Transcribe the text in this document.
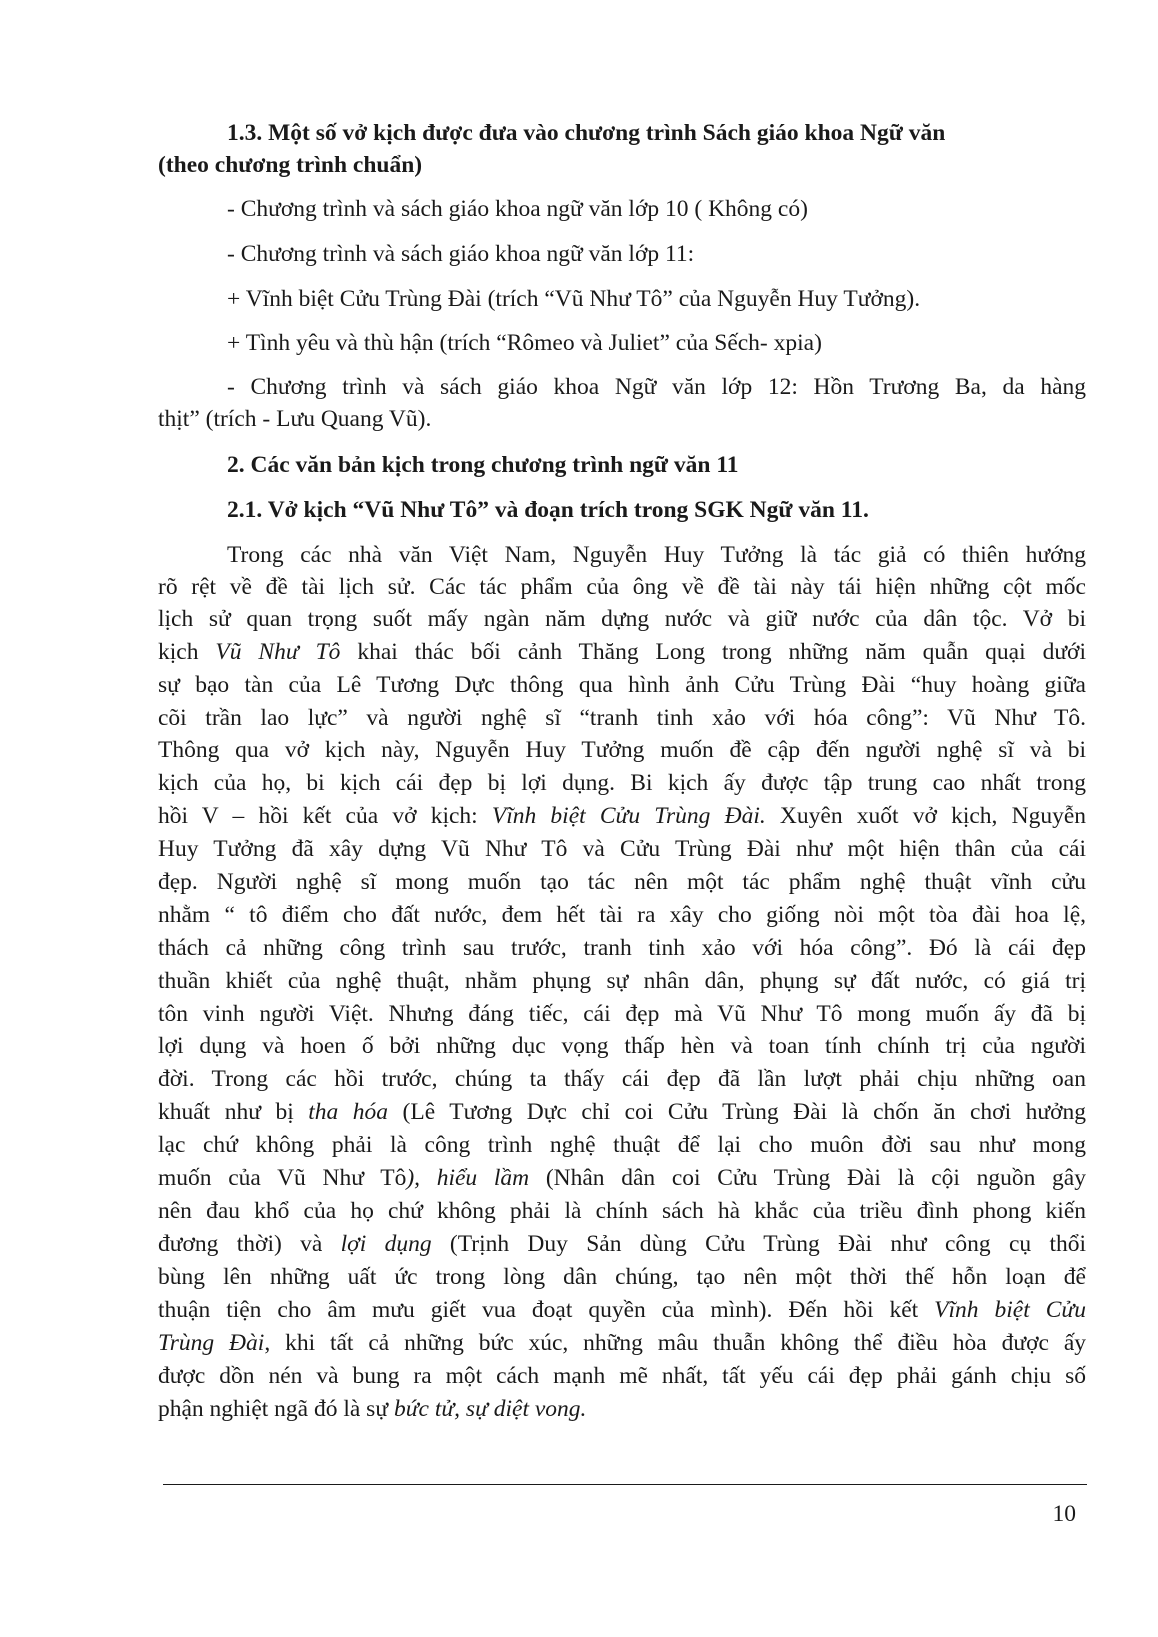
1.3. Một số vở kịch được đưa vào chương trình Sách giáo khoa Ngữ văn
(theo chương trình chuẩn)
- Chương trình và sách giáo khoa ngữ văn lớp 10 ( Không có)
- Chương trình và sách giáo khoa ngữ văn lớp 11:
+ Vĩnh biệt Cửu Trùng Đài (trích “Vũ Như Tô” của Nguyễn Huy Tưởng).
+ Tình yêu và thù hận (trích “Rômeo và Juliet” của Sếch- xpia)
- Chương trình và sách giáo khoa Ngữ văn lớp 12: Hồn Trương Ba, da hàng
thịt” (trích - Lưu Quang Vũ).
2. Các văn bản kịch trong chương trình ngữ văn 11
2.1. Vở kịch “Vũ Như Tô” và đoạn trích trong SGK Ngữ văn 11.
Trong các nhà văn Việt Nam, Nguyễn Huy Tưởng là tác giả có thiên hướng
rõ rệt về đề tài lịch sử. Các tác phẩm của ông về đề tài này tái hiện những cột mốc
lịch sử quan trọng suốt mấy ngàn năm dựng nước và giữ nước của dân tộc. Vở bi
kịch Vũ Như Tô khai thác bối cảnh Thăng Long trong những năm quẫn quại dưới
sự bạo tàn của Lê Tương Dực thông qua hình ảnh Cửu Trùng Đài “huy hoàng giữa
cõi trần lao lực” và người nghệ sĩ “tranh tinh xảo với hóa công”: Vũ Như Tô.
Thông qua vở kịch này, Nguyễn Huy Tưởng muốn đề cập đến người nghệ sĩ và bi
kịch của họ, bi kịch cái đẹp bị lợi dụng. Bi kịch ấy được tập trung cao nhất trong
hồi V – hồi kết của vở kịch: Vĩnh biệt Cửu Trùng Đài. Xuyên xuốt vở kịch, Nguyễn
Huy Tưởng đã xây dựng Vũ Như Tô và Cửu Trùng Đài như một hiện thân của cái
đẹp. Người nghệ sĩ mong muốn tạo tác nên một tác phẩm nghệ thuật vĩnh cửu
nhằm “ tô điểm cho đất nước, đem hết tài ra xây cho giống nòi một tòa đài hoa lệ,
thách cả những công trình sau trước, tranh tinh xảo với hóa công”. Đó là cái đẹp
thuần khiết của nghệ thuật, nhằm phụng sự nhân dân, phụng sự đất nước, có giá trị
tôn vinh người Việt. Nhưng đáng tiếc, cái đẹp mà Vũ Như Tô mong muốn ấy đã bị
lợi dụng và hoen ố bởi những dục vọng thấp hèn và toan tính chính trị của người
đời. Trong các hồi trước, chúng ta thấy cái đẹp đã lần lượt phải chịu những oan
khuất như bị tha hóa (Lê Tương Dực chỉ coi Cửu Trùng Đài là chốn ăn chơi hưởng
lạc chứ không phải là công trình nghệ thuật để lại cho muôn đời sau như mong
muốn của Vũ Như Tô), hiểu lầm (Nhân dân coi Cửu Trùng Đài là cội nguồn gây
nên đau khổ của họ chứ không phải là chính sách hà khắc của triều đình phong kiến
đương thời) và lợi dụng (Trịnh Duy Sản dùng Cửu Trùng Đài như công cụ thổi
bùng lên những uất ức trong lòng dân chúng, tạo nên một thời thế hỗn loạn để
thuận tiện cho âm mưu giết vua đoạt quyền của mình). Đến hồi kết Vĩnh biệt Cửu
Trùng Đài, khi tất cả những bức xúc, những mâu thuẫn không thể điều hòa được ấy
được dồn nén và bung ra một cách mạnh mẽ nhất, tất yếu cái đẹp phải gánh chịu số
phận nghiệt ngã đó là sự bức tử, sự diệt vong.
10
